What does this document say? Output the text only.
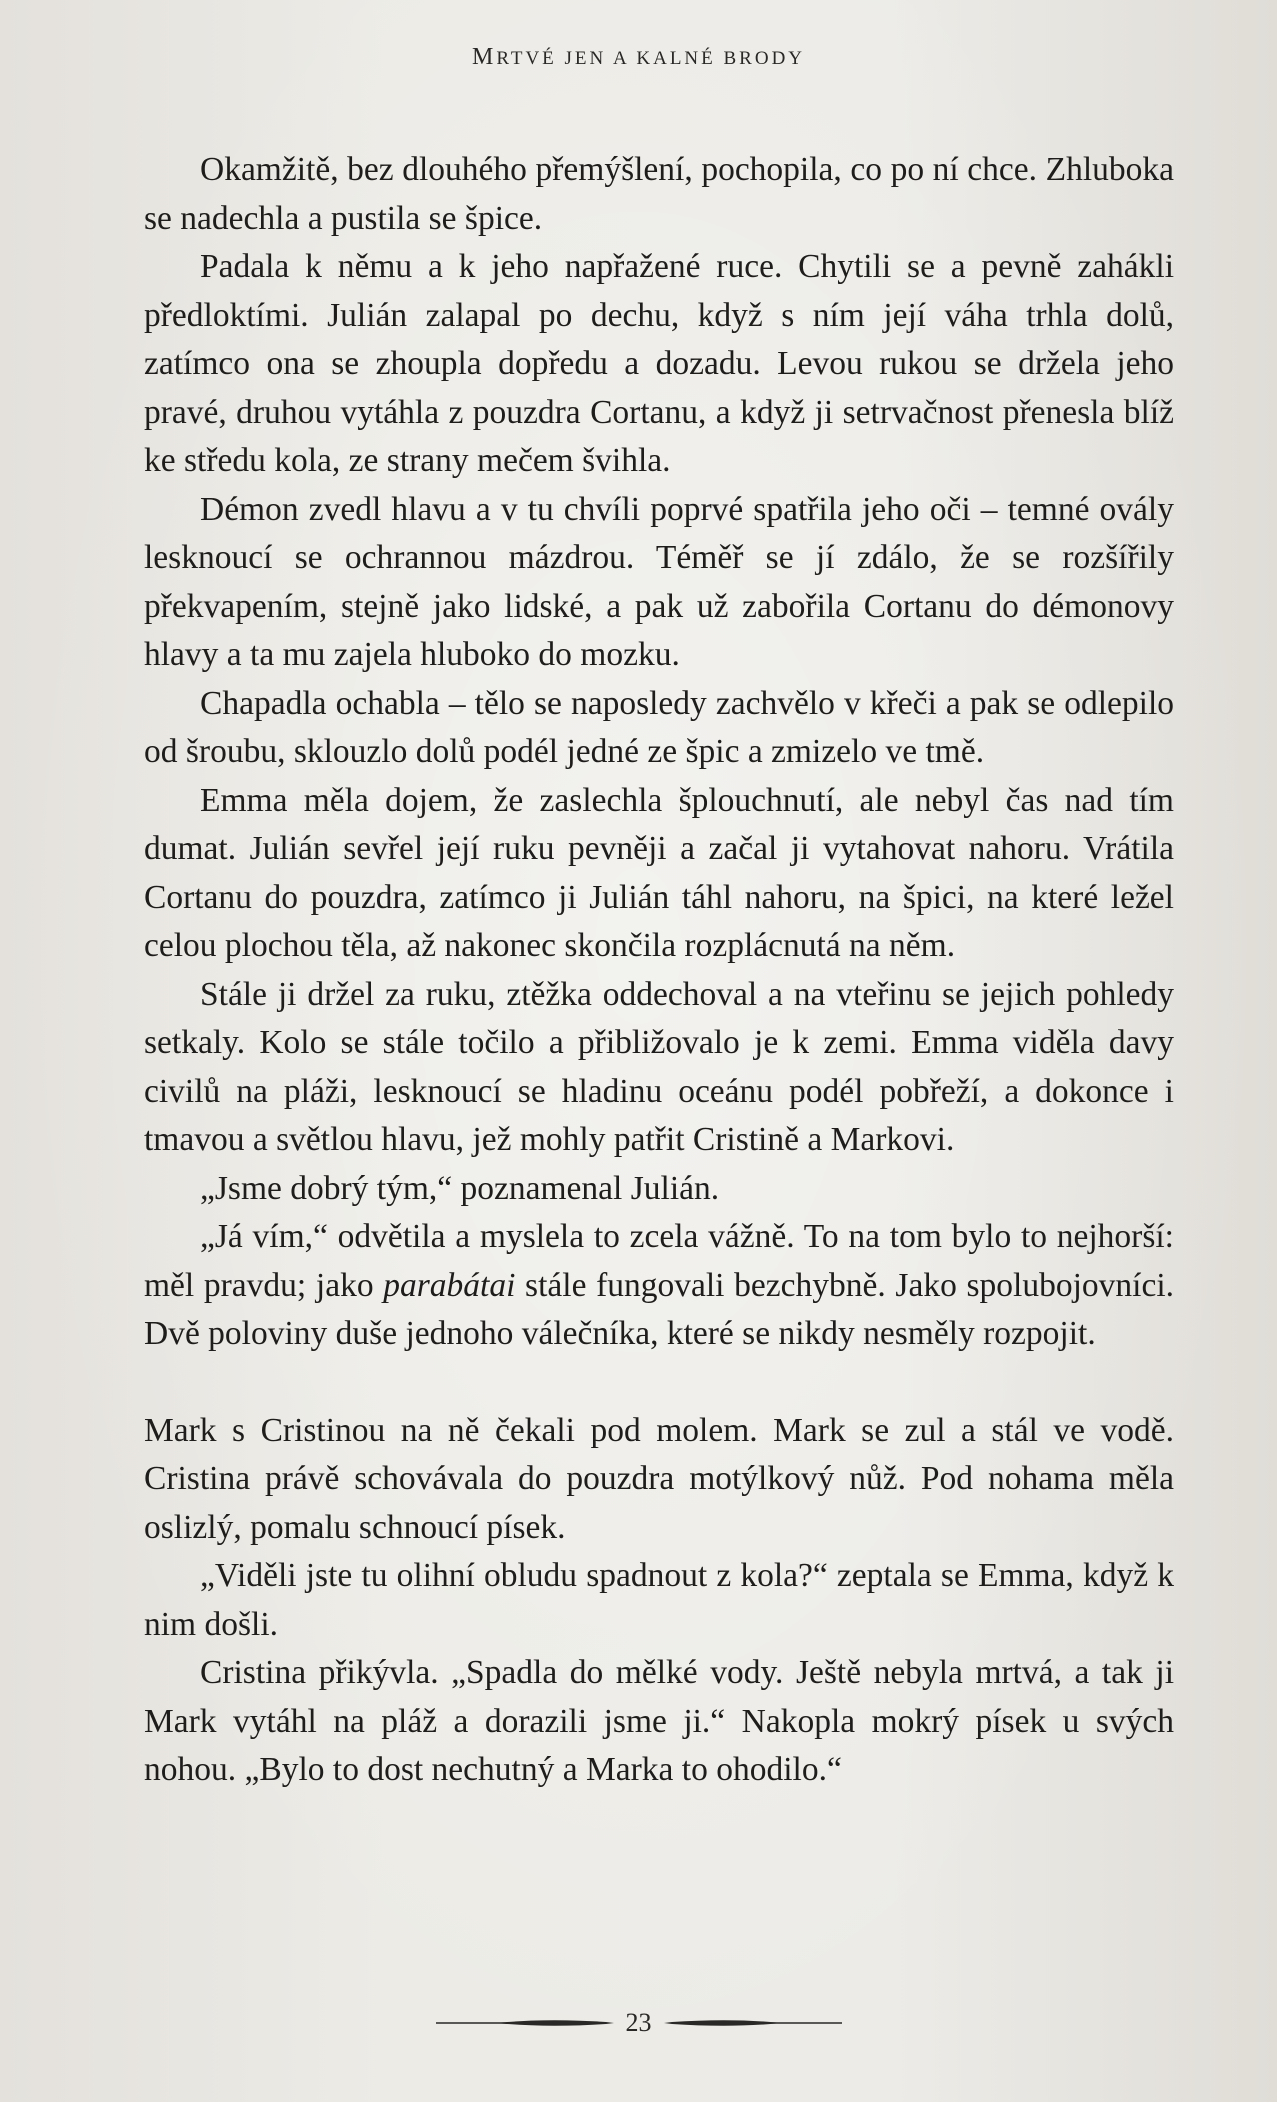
MRTVÉ JEN A KALNÉ BRODY

Okamžitě, bez dlouhého přemýšlení, pochopila, co po ní chce. Zhluboka se nadechla a pustila se špice.

Padala k němu a k jeho napřažené ruce. Chytili se a pevně zahákli předloktími. Julián zalapal po dechu, když s ním její váha trhla dolů, zatímco ona se zhoupla dopředu a dozadu. Levou rukou se držela jeho pravé, druhou vytáhla z pouzdra Cortanu, a když ji setrvačnost přenesla blíž ke středu kola, ze strany mečem švihla.

Démon zvedl hlavu a v tu chvíli poprvé spatřila jeho oči – temné ovály lesknoucí se ochrannou mázdrou. Téměř se jí zdálo, že se rozšířily překvapením, stejně jako lidské, a pak už zabořila Cortanu do démonovy hlavy a ta mu zajela hluboko do mozku.

Chapadla ochabla – tělo se naposledy zachvělo v křeči a pak se odlepilo od šroubu, sklouzlo dolů podél jedné ze špic a zmizelo ve tmě.

Emma měla dojem, že zaslechla šplouchnutí, ale nebyl čas nad tím dumat. Julián sevřel její ruku pevněji a začal ji vytahovat nahoru. Vrátila Cortanu do pouzdra, zatímco ji Julián táhl nahoru, na špici, na které ležel celou plochou těla, až nakonec skončila rozplácnutá na něm.

Stále ji držel za ruku, ztěžka oddechoval a na vteřinu se jejich pohledy setkaly. Kolo se stále točilo a přibližovalo je k zemi. Emma viděla davy civilů na pláži, lesknoucí se hladinu oceánu podél pobřeží, a dokonce i tmavou a světlou hlavu, jež mohly patřit Cristině a Markovi.

„Jsme dobrý tým,“ poznamenal Julián.

„Já vím,“ odvětila a myslela to zcela vážně. To na tom bylo to nejhorší: měl pravdu; jako parabátai stále fungovali bezchybně. Jako spolubojovníci. Dvě poloviny duše jednoho válečníka, které se nikdy nesměly rozpojit.

Mark s Cristinou na ně čekali pod molem. Mark se zul a stál ve vodě. Cristina právě schovávala do pouzdra motýlkový nůž. Pod nohama měla oslizlý, pomalu schnoucí písek.

„Viděli jste tu olihní obludu spadnout z kola?“ zeptala se Emma, když k nim došli.

Cristina přikývla. „Spadla do mělké vody. Ještě nebyla mrtvá, a tak ji Mark vytáhl na pláž a dorazili jsme ji.“ Nakopla mokrý písek u svých nohou. „Bylo to dost nechutný a Marka to ohodilo.“

23
